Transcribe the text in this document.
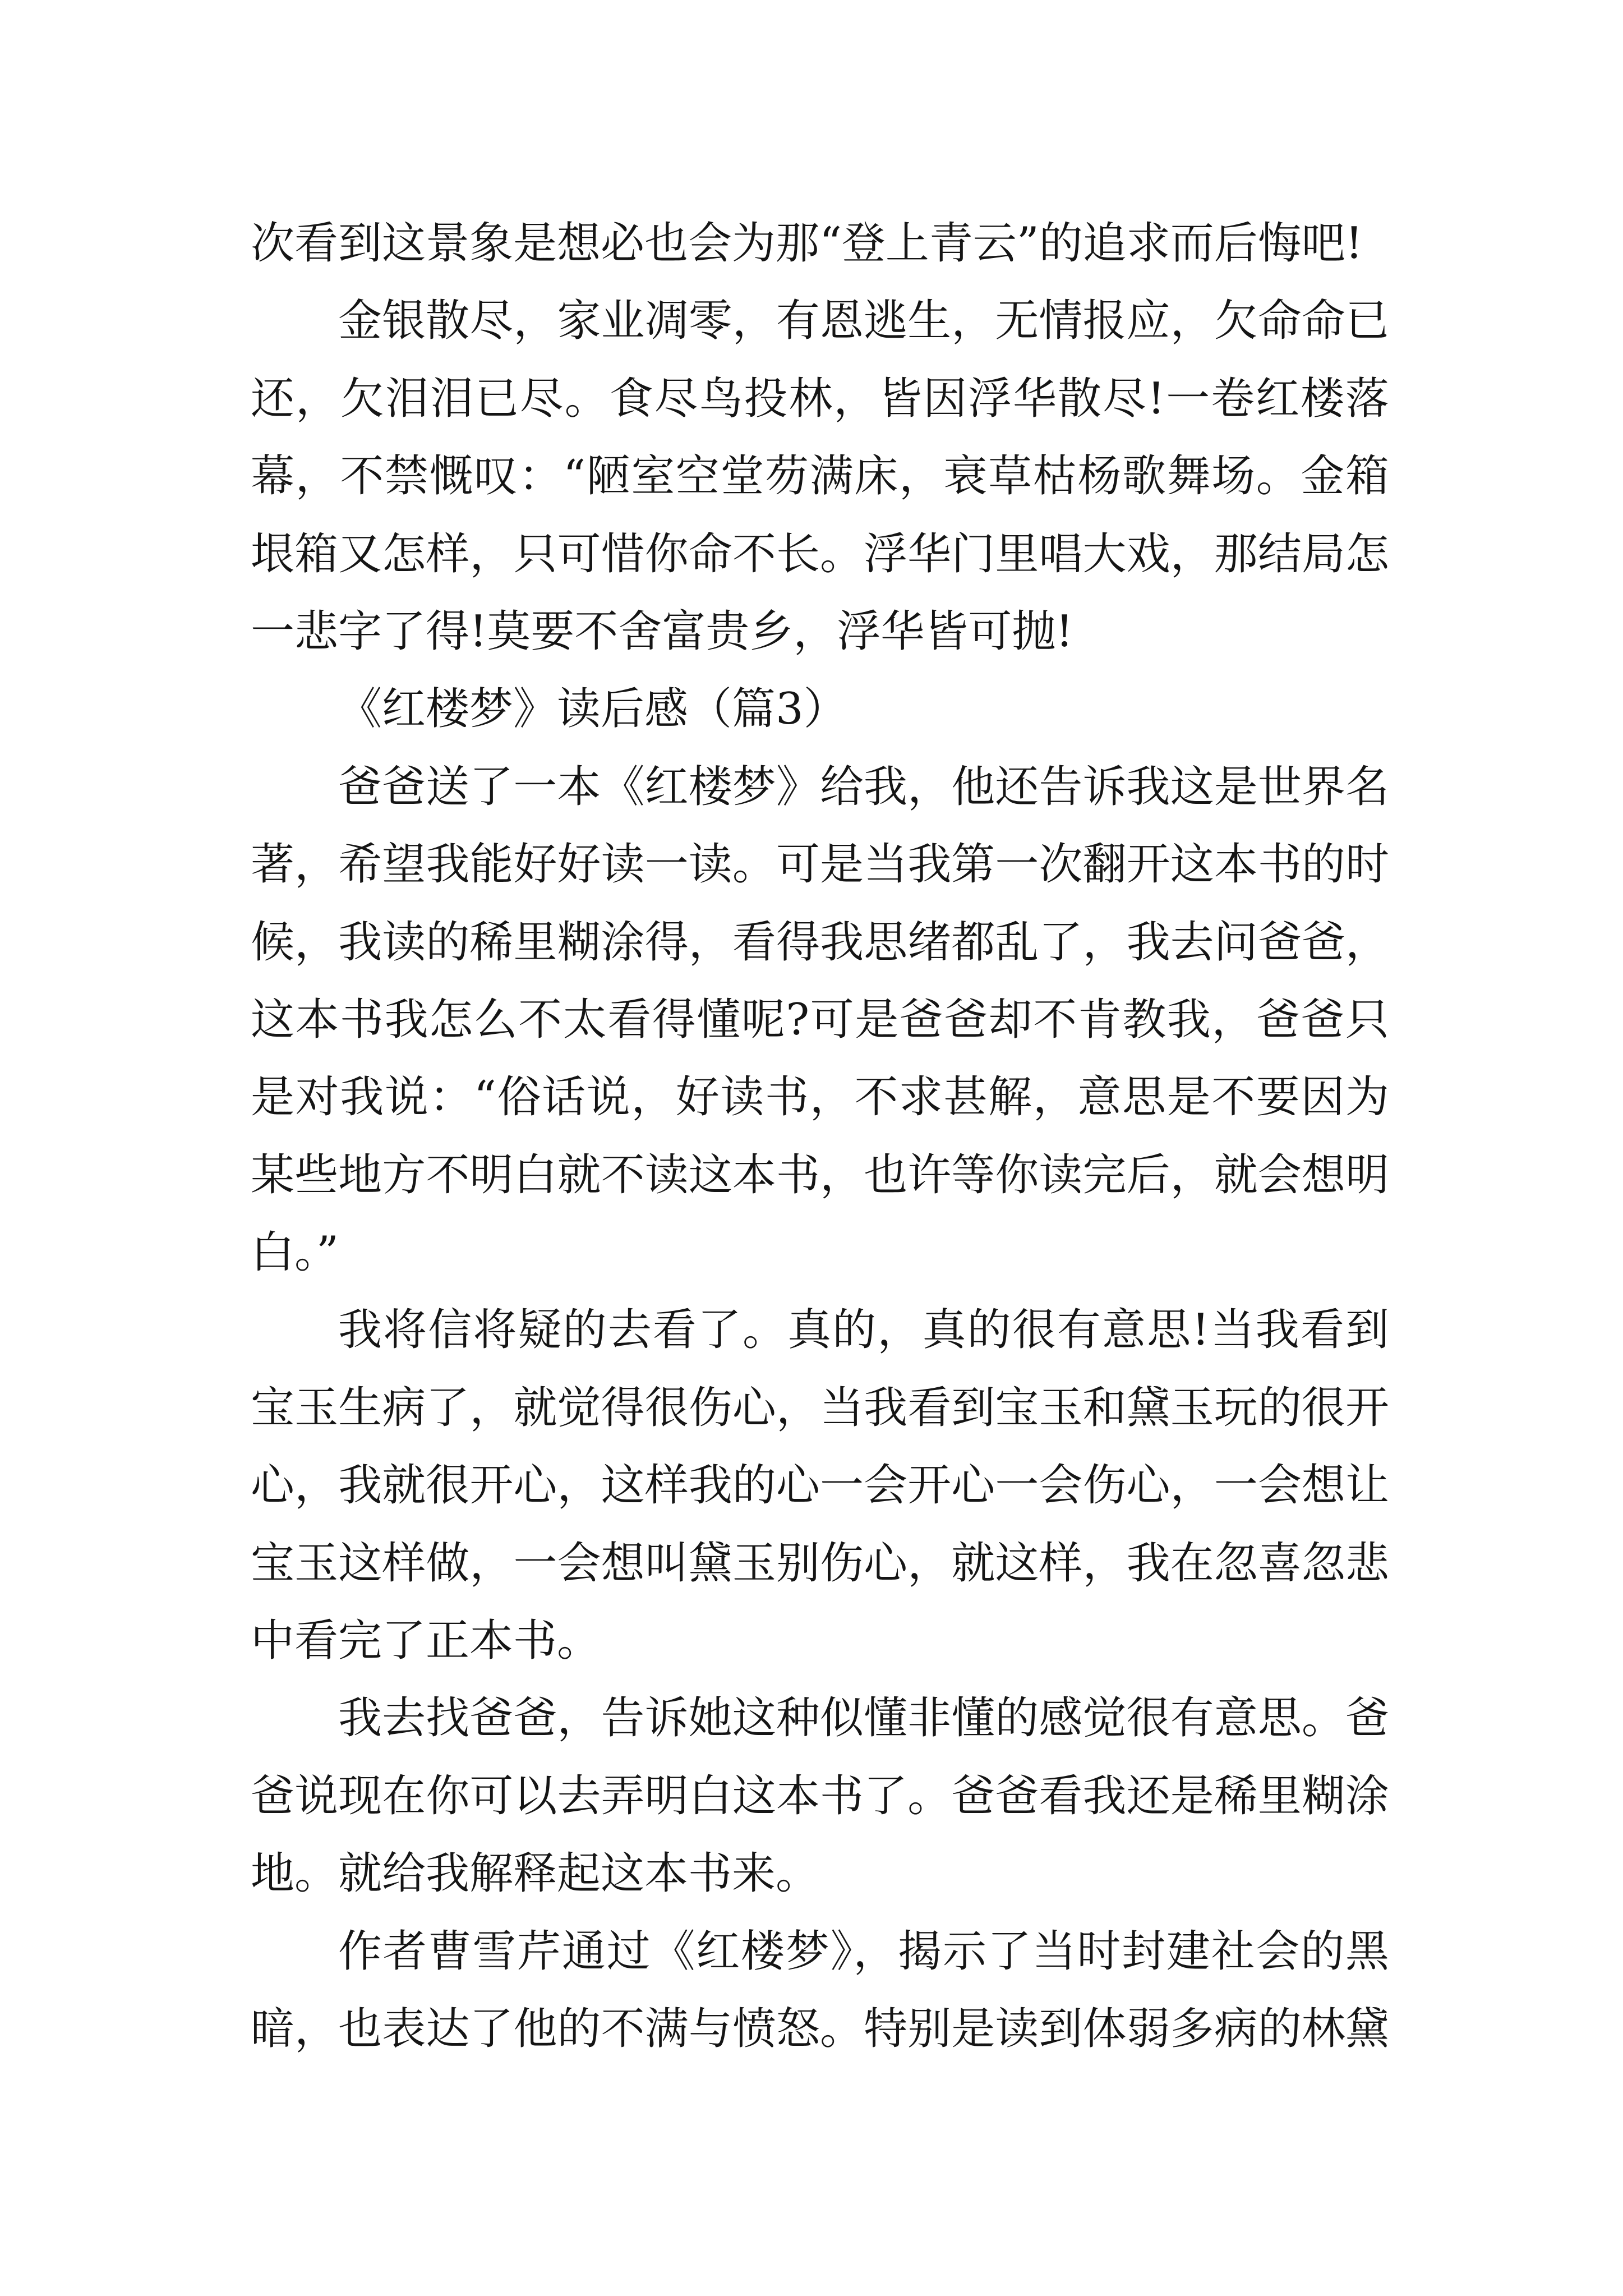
次看到这景象是想必也会为那“登上青云”的追求而后悔吧!
金银散尽，家业凋零，有恩逃生，无情报应，欠命命已
还，欠泪泪已尽。食尽鸟投林，皆因浮华散尽!一卷红楼落
幕，不禁慨叹：“陋室空堂芴满床，衰草枯杨歌舞场。金箱
垠箱又怎样，只可惜你命不长。浮华门里唱大戏，那结局怎
一悲字了得!莫要不舍富贵乡，浮华皆可抛!
《红楼梦》读后感（篇3）
爸爸送了一本《红楼梦》给我，他还告诉我这是世界名
著，希望我能好好读一读。可是当我第一次翻开这本书的时
候，我读的稀里糊涂得，看得我思绪都乱了，我去问爸爸，
这本书我怎么不太看得懂呢?可是爸爸却不肯教我，爸爸只
是对我说：“俗话说，好读书，不求甚解，意思是不要因为
某些地方不明白就不读这本书，也许等你读完后，就会想明
白。”
我将信将疑的去看了。真的，真的很有意思!当我看到
宝玉生病了，就觉得很伤心，当我看到宝玉和黛玉玩的很开
心，我就很开心，这样我的心一会开心一会伤心，一会想让
宝玉这样做，一会想叫黛玉别伤心，就这样，我在忽喜忽悲
中看完了正本书。
我去找爸爸，告诉她这种似懂非懂的感觉很有意思。爸
爸说现在你可以去弄明白这本书了。爸爸看我还是稀里糊涂
地。就给我解释起这本书来。
作者曹雪芹通过《红楼梦》，揭示了当时封建社会的黑
暗，也表达了他的不满与愤怒。特别是读到体弱多病的林黛
